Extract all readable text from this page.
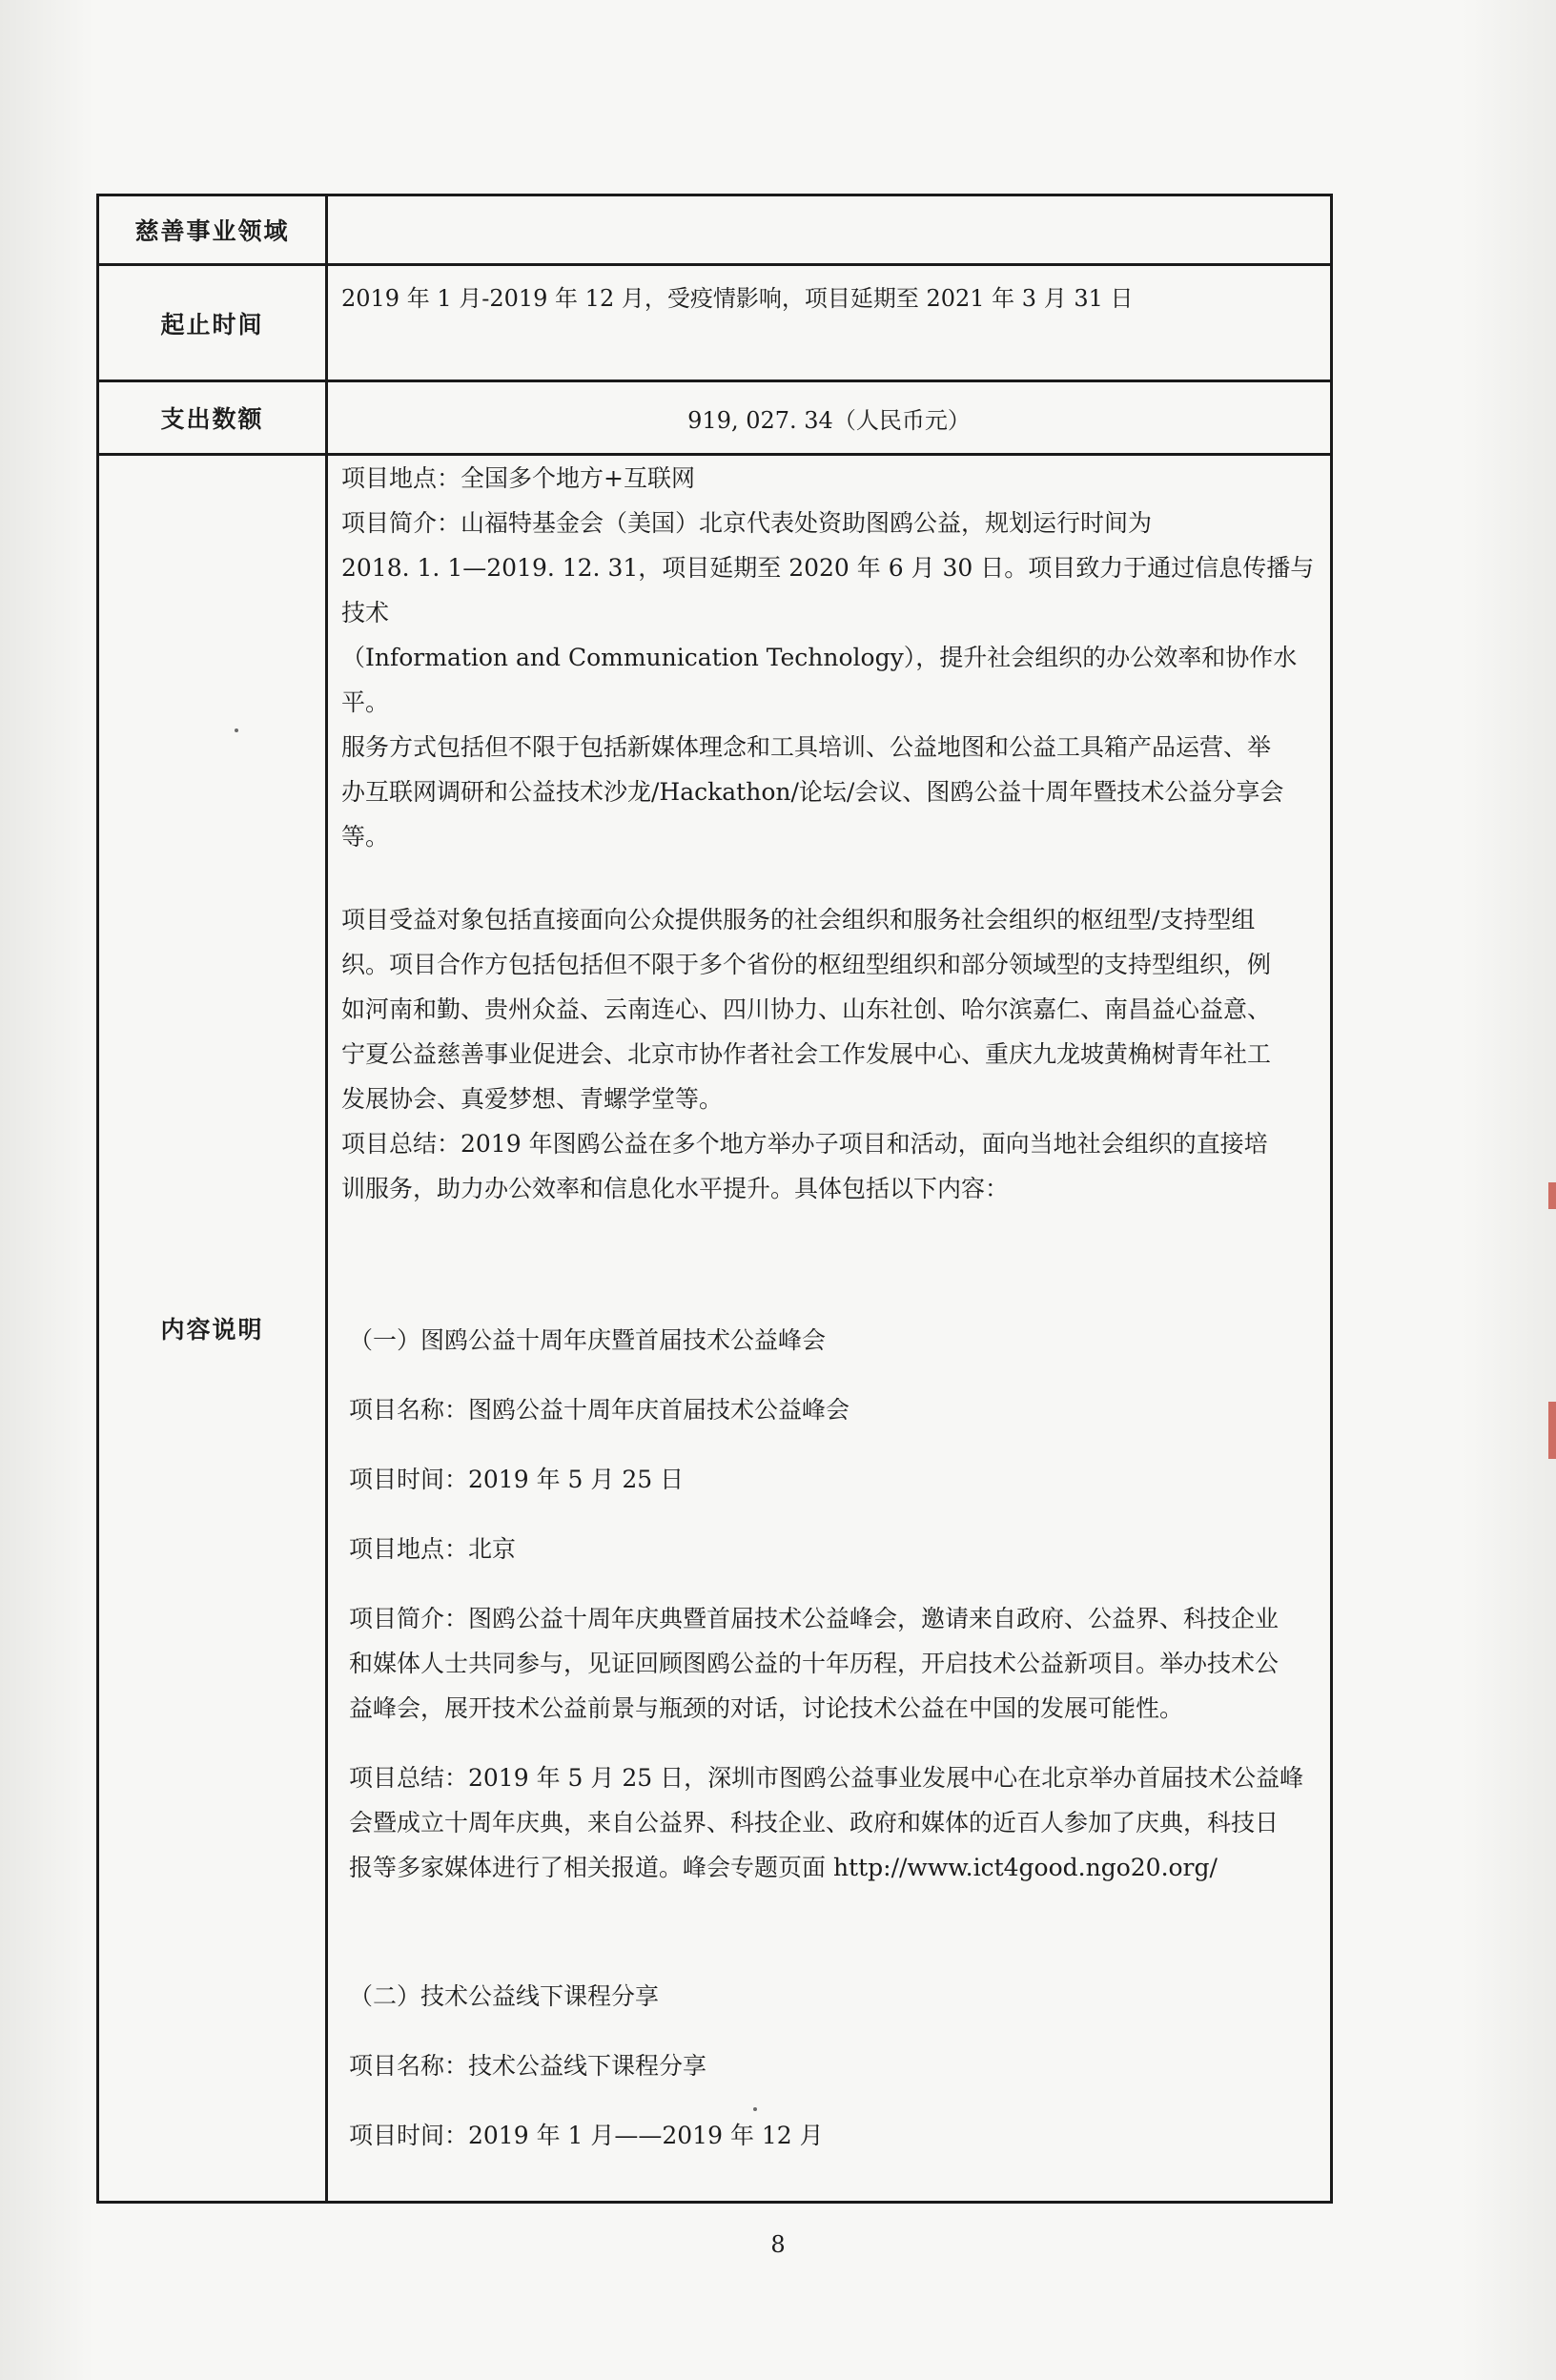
慈善事业领域
起止时间
2019 年 1 月-2019 年 12 月，受疫情影响，项目延期至 2021 年 3 月 31 日
支出数额	919, 027. 34（人民币元）
内容说明

项目地点：全国多个地方+互联网

项目简介：山福特基金会（美国）北京代表处资助图鸥公益，规划运行时间为

2018. 1. 1—2019. 12. 31，项目延期至 2020 年 6 月 30 日。项目致力于通过信息传播与技术

（Information and Communication Technology），提升社会组织的办公效率和协作水平。

服务方式包括但不限于包括新媒体理念和工具培训、公益地图和公益工具箱产品运营、举

办互联网调研和公益技术沙龙/Hackathon/论坛/会议、图鸥公益十周年暨技术公益分享会

等。

项目受益对象包括直接面向公众提供服务的社会组织和服务社会组织的枢纽型/支持型组

织。项目合作方包括包括但不限于多个省份的枢纽型组织和部分领域型的支持型组织，例

如河南和勤、贵州众益、云南连心、四川协力、山东社创、哈尔滨嘉仁、南昌益心益意、

宁夏公益慈善事业促进会、北京市协作者社会工作发展中心、重庆九龙坡黄桷树青年社工

发展协会、真爱梦想、青螺学堂等。

项目总结：2019 年图鸥公益在多个地方举办子项目和活动，面向当地社会组织的直接培

训服务，助力办公效率和信息化水平提升。具体包括以下内容：

（一）图鸥公益十周年庆暨首届技术公益峰会

项目名称：图鸥公益十周年庆首届技术公益峰会

项目时间：2019 年 5 月 25 日

项目地点：北京

项目简介：图鸥公益十周年庆典暨首届技术公益峰会，邀请来自政府、公益界、科技企业

和媒体人士共同参与，见证回顾图鸥公益的十年历程，开启技术公益新项目。举办技术公

益峰会，展开技术公益前景与瓶颈的对话，讨论技术公益在中国的发展可能性。

项目总结：2019 年 5 月 25 日，深圳市图鸥公益事业发展中心在北京举办首届技术公益峰

会暨成立十周年庆典，来自公益界、科技企业、政府和媒体的近百人参加了庆典，科技日

报等多家媒体进行了相关报道。峰会专题页面 http://www.ict4good.ngo20.org/

（二）技术公益线下课程分享

项目名称：技术公益线下课程分享

项目时间：2019 年 1 月——2019 年 12 月

8
